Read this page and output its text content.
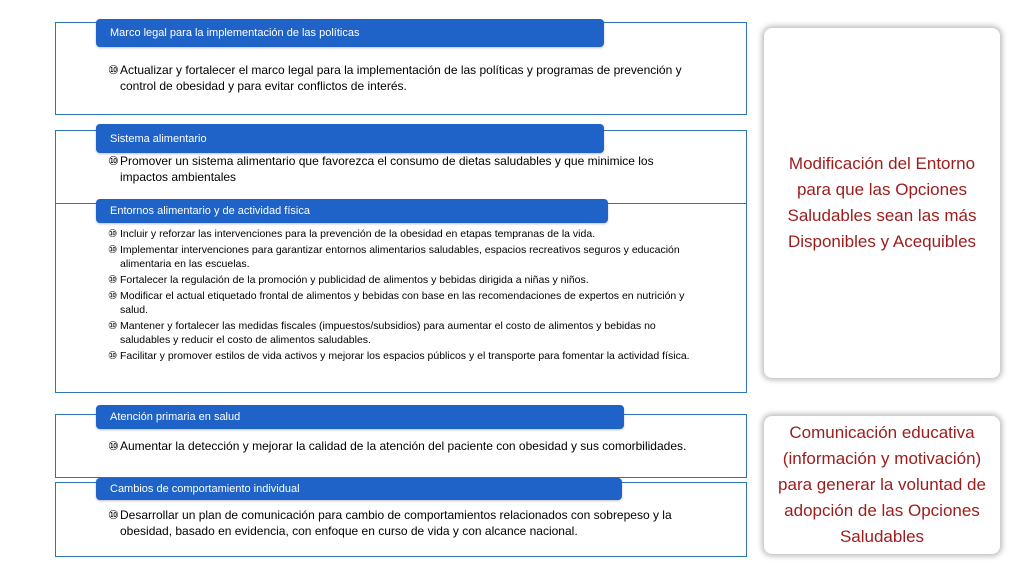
Marco legal para la implementación de las políticas
⑩ Actualizar y fortalecer el marco legal para la implementación de las políticas y programas de prevención y control de obesidad y para evitar conflictos de interés.
Sistema alimentario
⑩ Promover un sistema alimentario que favorezca el consumo de dietas saludables y que minimice los impactos ambientales
Entornos alimentario y de actividad física
⑩ Incluir y reforzar las intervenciones para la prevención de la obesidad en etapas tempranas de la vida.
⑩ Implementar intervenciones para garantizar entornos alimentarios saludables, espacios recreativos seguros y educación alimentaria en las escuelas.
⑩ Fortalecer la regulación de la promoción y publicidad de alimentos y bebidas dirigida a niñas y niños.
⑩ Modificar el actual etiquetado frontal de alimentos y bebidas con base en las recomendaciones de expertos en nutrición y salud.
⑩ Mantener y fortalecer las medidas fiscales (impuestos/subsidios) para aumentar el costo de alimentos y bebidas no saludables y reducir el costo de alimentos saludables.
⑩ Facilitar y promover estilos de vida activos y mejorar los espacios públicos y el transporte para fomentar la actividad física.
Atención primaria en salud
⑩ Aumentar la detección y mejorar la calidad de la atención del paciente con obesidad y sus comorbilidades.
Cambios de comportamiento individual
⑩ Desarrollar un plan de comunicación para cambio de comportamientos relacionados con sobrepeso y la obesidad, basado en evidencia, con enfoque en curso de vida y con alcance nacional.
Modificación del Entorno para que las Opciones Saludables sean las más Disponibles y Acequibles
Comunicación educativa (información y motivación) para generar la voluntad de adopción de las Opciones Saludables
